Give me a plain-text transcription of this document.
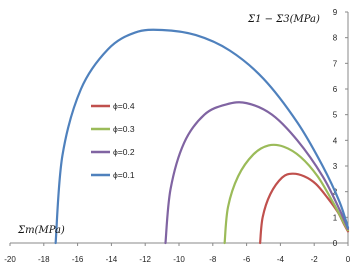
-20	-18	-16	-14	-12	-10	-8	-6	-4	-2	0
0
1
2
3
4
5
6
7
8
9
ϕ=0.4
ϕ=0.3
ϕ=0.2
ϕ=0.1
Σ1 − Σ3(MPa)
Σm(MPa)
